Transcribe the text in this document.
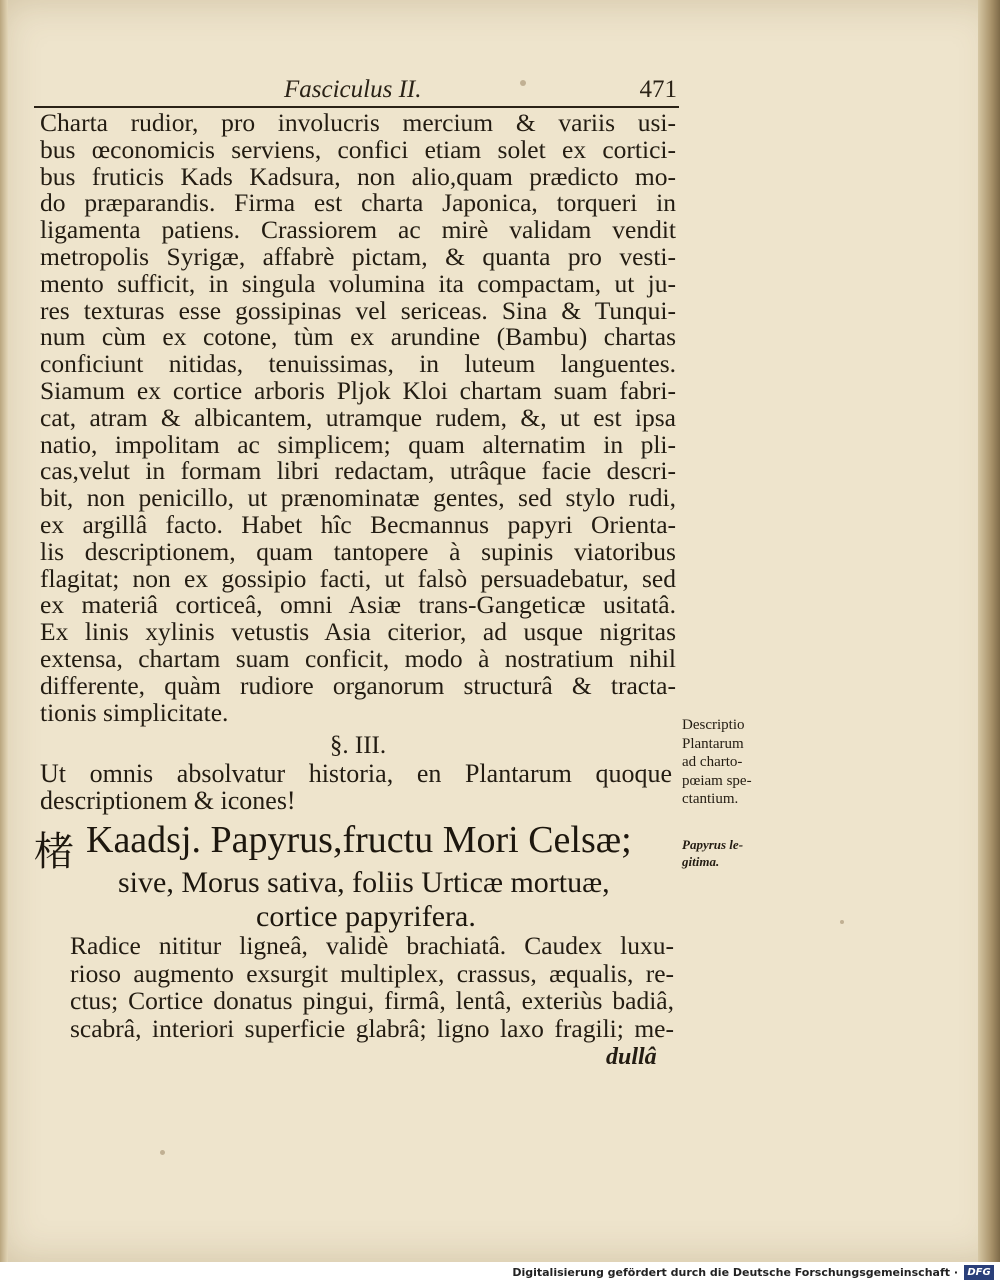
Fasciculus II.	471
Charta rudior, pro involucris mercium & variis usi-
bus œconomicis serviens, confici etiam solet ex cortici-
bus fruticis Kads Kadsura, non alio,quam prædicto mo-
do præparandis. Firma est charta Japonica, torqueri in
ligamenta patiens. Crassiorem ac mirè validam vendit
metropolis Syrigæ, affabrè pictam, & quanta pro vesti-
mento sufficit, in singula volumina ita compactam, ut ju-
res texturas esse gossipinas vel sericeas. Sina & Tunqui-
num cùm ex cotone, tùm ex arundine (Bambu) chartas
conficiunt nitidas, tenuissimas, in luteum languentes.
Siamum ex cortice arboris Pljok Kloi chartam suam fabri-
cat, atram & albicantem, utramque rudem, &, ut est ipsa
natio, impolitam ac simplicem; quam alternatim in pli-
cas,velut in formam libri redactam, utrâque facie descri-
bit, non penicillo, ut prænominatæ gentes, sed stylo rudi,
ex argillâ facto. Habet hîc Becmannus papyri Orienta-
lis descriptionem, quam tantopere à supinis viatoribus
flagitat; non ex gossipio facti, ut falsò persuadebatur, sed
ex materiâ corticeâ, omni Asiæ trans-Gangeticæ usitatâ.
Ex linis xylinis vetustis Asia citerior, ad usque nigritas
extensa, chartam suam conficit, modo à nostratium nihil
differente, quàm rudiore organorum structurâ & tracta-
tionis simplicitate.
§. III.
Ut omnis absolvatur historia, en Plantarum quoque
descriptionem & icones!
楮 Kaadsj. Papyrus,fructu Mori Celsæ;
sive, Morus sativa, foliis Urticæ mortuæ,
cortice papyrifera.
Radice nititur ligneâ, validè brachiatâ. Caudex luxu-
rioso augmento exsurgit multiplex, crassus, æqualis, re-
ctus; Cortice donatus pingui, firmâ, lentâ, exteriùs badiâ,
scabrâ, interiori superficie glabrâ; ligno laxo fragili; me-
dullâ
Descriptio
Plantarum
ad charto-
pœiam spe-
ctantium.
Papyrus le-
gitima.
Digitalisierung gefördert durch die Deutsche Forschungsgemeinschaft · DFG
